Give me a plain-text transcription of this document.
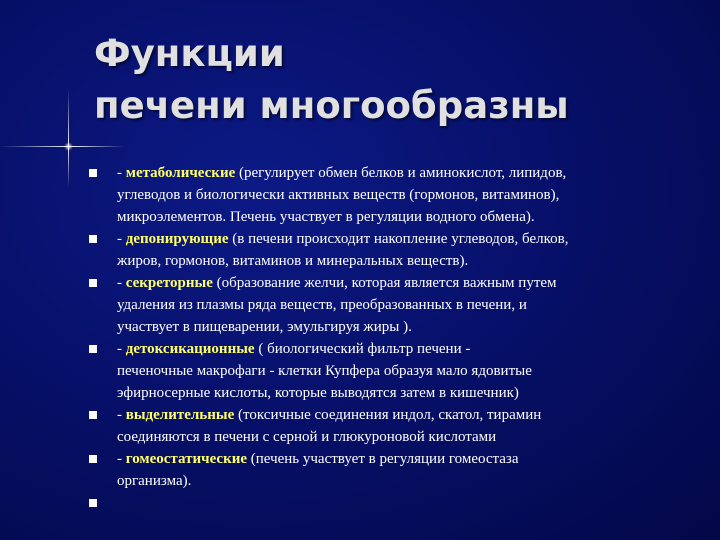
Функции
печени многообразны
- метаболические (регулирует обмен белков и аминокислот, липидов,
углеводов и биологически активных веществ (гормонов, витаминов),
микроэлементов. Печень участвует в регуляции водного обмена).
- депонирующие (в печени происходит накопление углеводов, белков,
жиров, гормонов, витаминов и минеральных веществ).
- секреторные (образование желчи, которая является важным путем
удаления из плазмы ряда веществ, преобразованных в печени, и
участвует в пищеварении, эмульгируя жиры ).
- детоксикационные ( биологический фильтр печени -
печеночные макрофаги - клетки Купфера образуя мало ядовитые
эфирносерные кислоты, которые выводятся затем в кишечник)
- выделительные (токсичные соединения индол, скатол, тирамин
соединяются в печени с серной и глюкуроновой кислотами
- гомеостатические (печень участвует в регуляции гомеостаза
организма).
